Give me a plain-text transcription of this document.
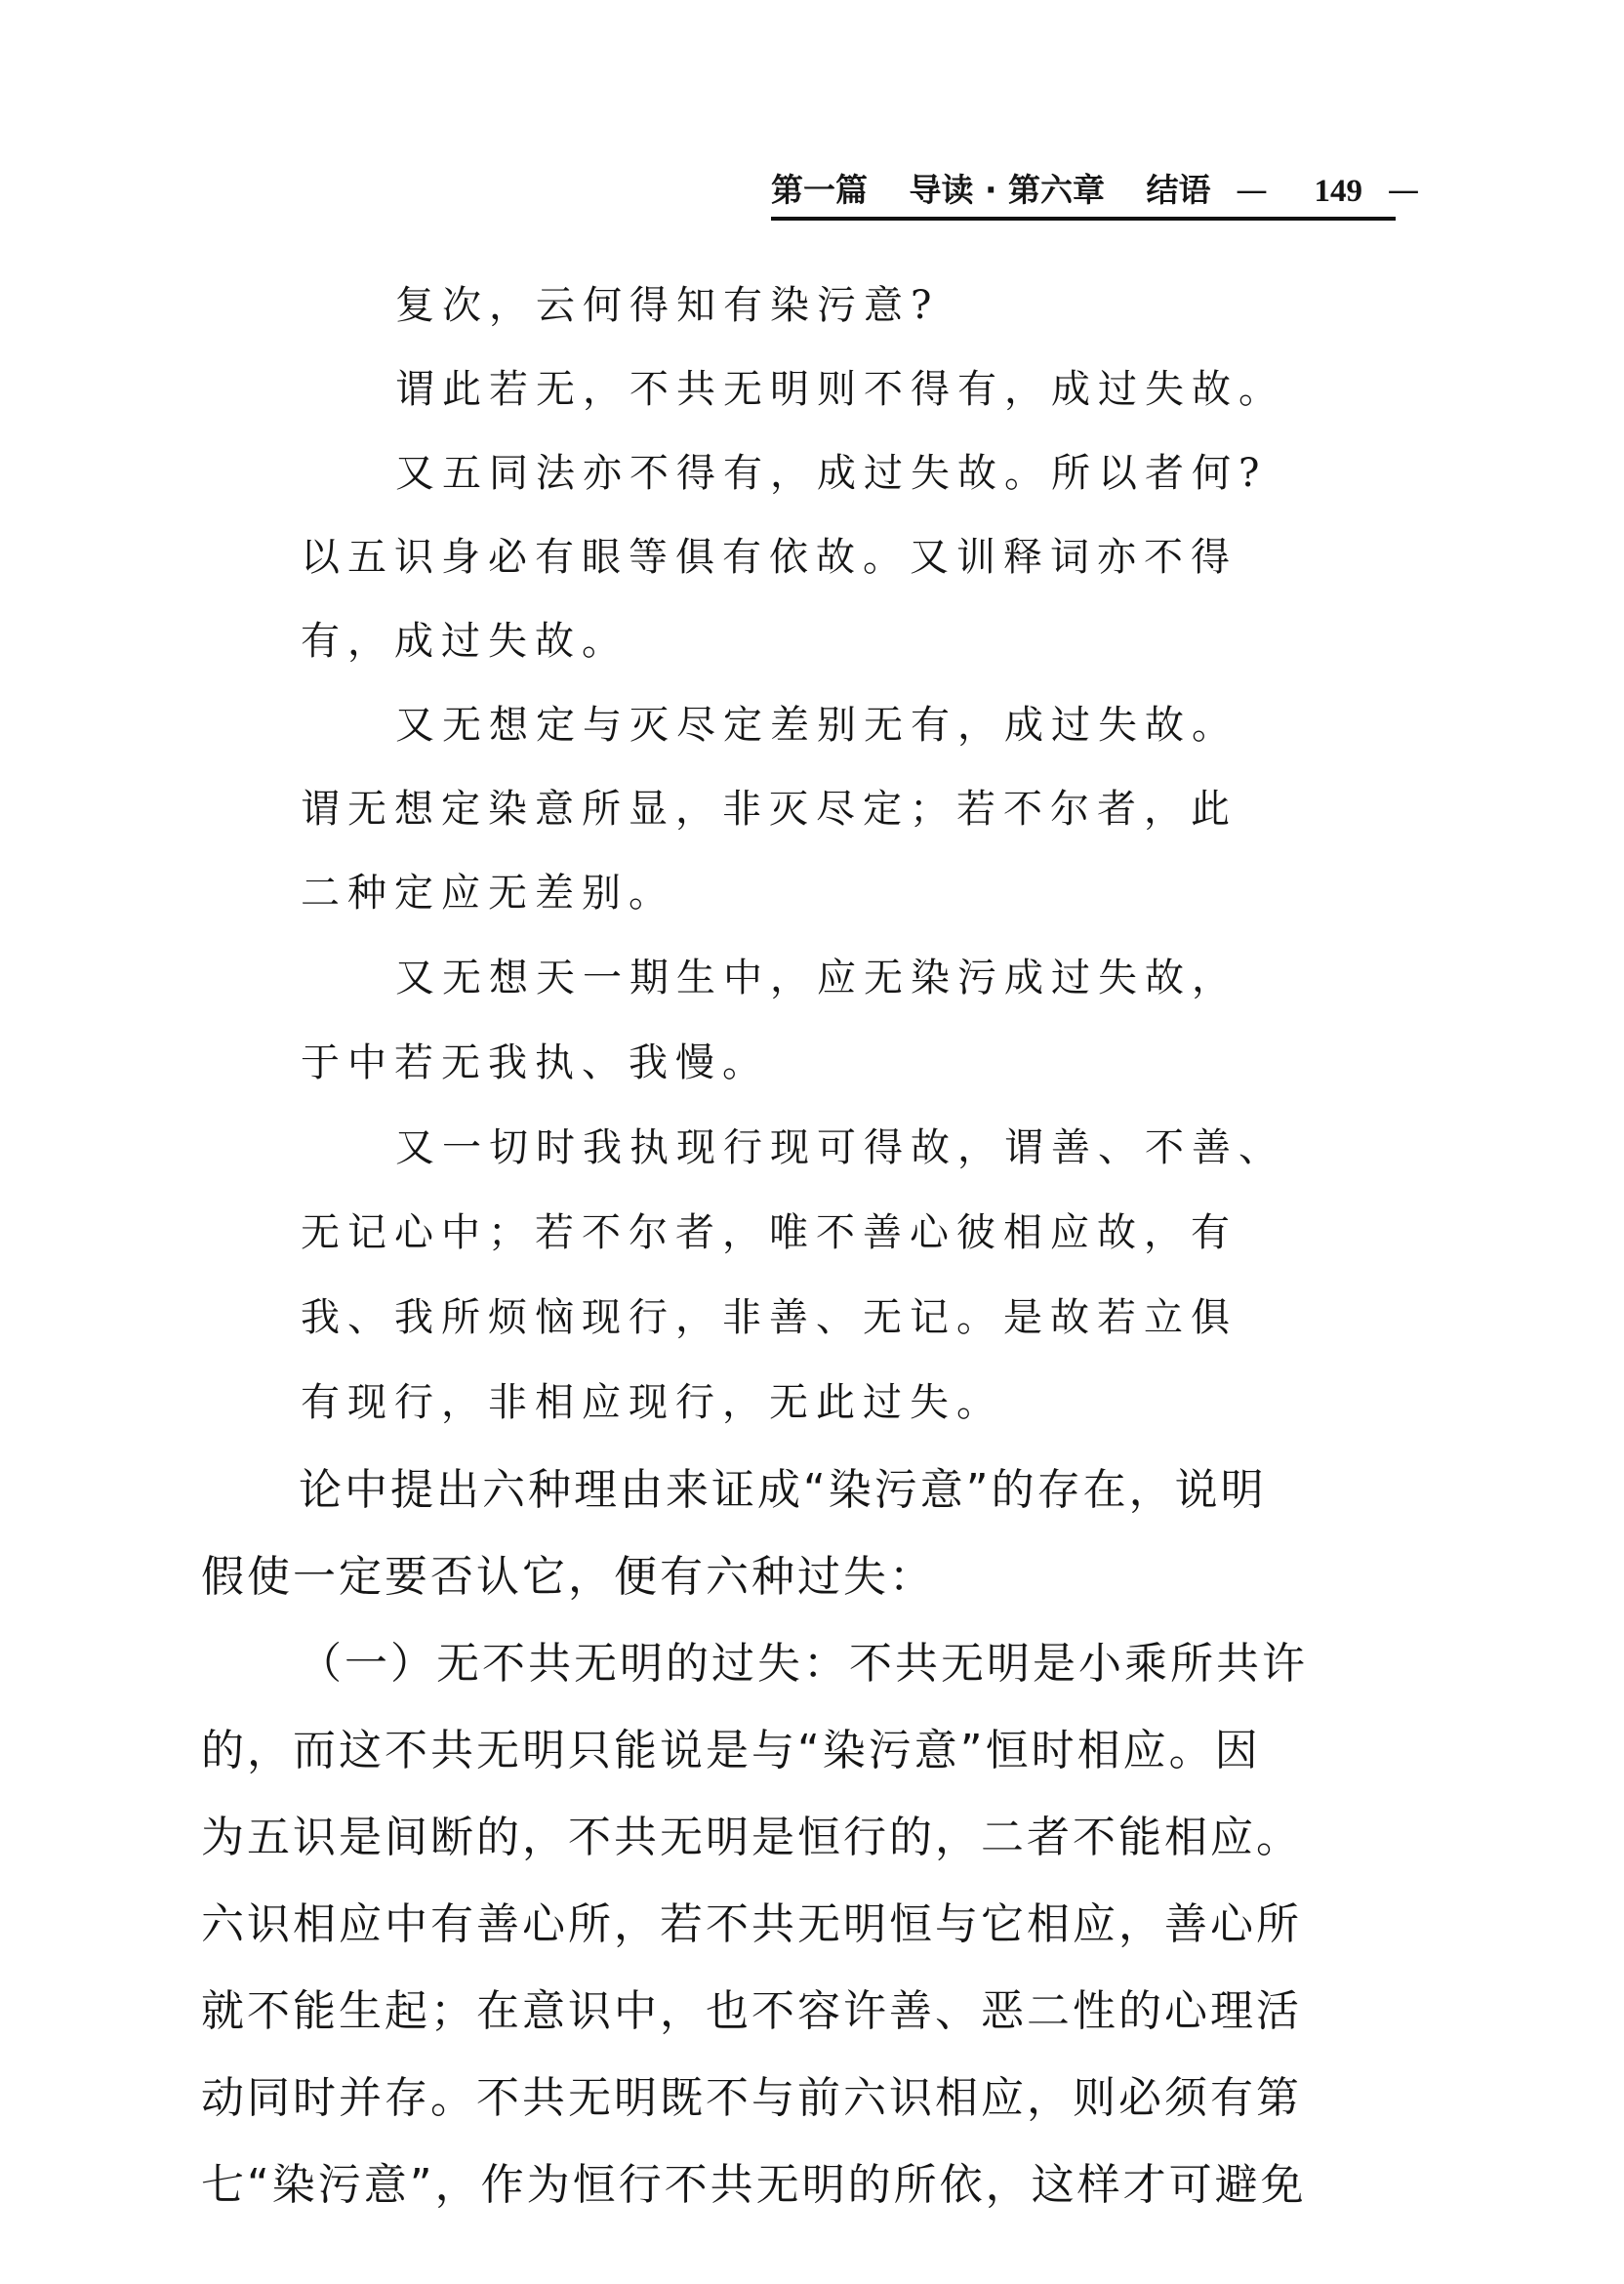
第一篇 导读 · 第六章 结语 — 149 —

复次，云何得知有染污意?

谓此若无，不共无明则不得有，成过失故。

又五同法亦不得有，成过失故。所以者何?

以五识身必有眼等俱有依故。又训释词亦不得

有，成过失故。

又无想定与灭尽定差别无有，成过失故。

谓无想定染意所显，非灭尽定；若不尔者，此

二种定应无差别。

又无想天一期生中，应无染污成过失故，

于中若无我执、我慢。

又一切时我执现行现可得故，谓善、不善、

无记心中；若不尔者，唯不善心彼相应故，有

我、我所烦恼现行，非善、无记。是故若立俱

有现行，非相应现行，无此过失。

论中提出六种理由来证成“染污意”的存在，说明

假使一定要否认它，便有六种过失：

（一）无不共无明的过失：不共无明是小乘所共许

的，而这不共无明只能说是与“染污意”恒时相应。因

为五识是间断的，不共无明是恒行的，二者不能相应。

六识相应中有善心所，若不共无明恒与它相应，善心所

就不能生起；在意识中，也不容许善、恶二性的心理活

动同时并存。不共无明既不与前六识相应，则必须有第

七“染污意”，作为恒行不共无明的所依，这样才可避免
